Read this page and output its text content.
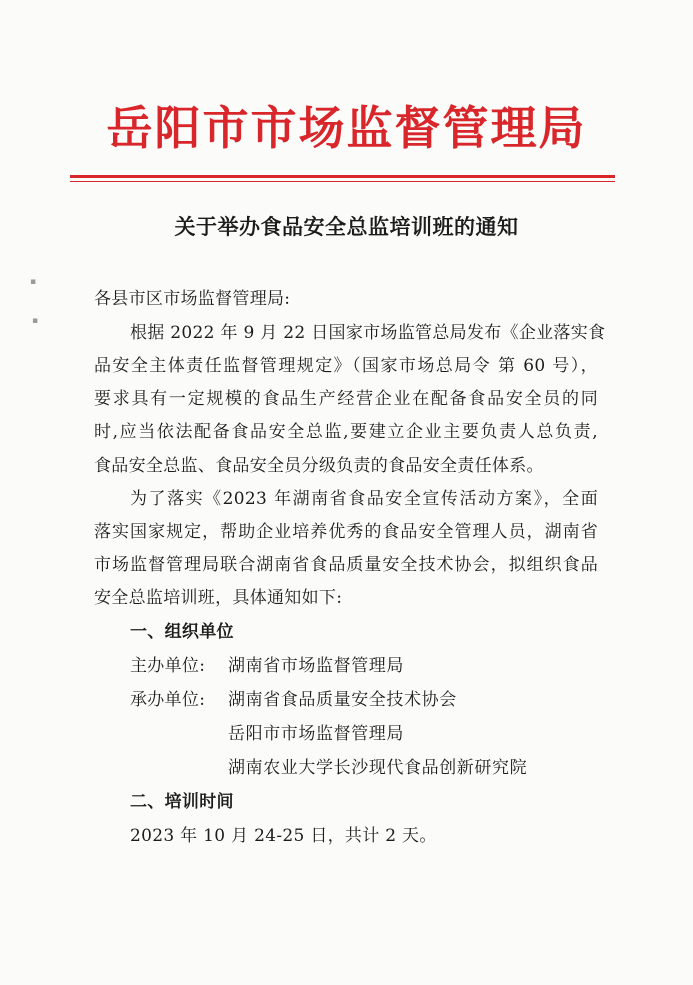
岳阳市市场监督管理局
关于举办食品安全总监培训班的通知
▪
▪
各县市区市场监督管理局:
根据 2022 年 9 月 22 日国家市场监管总局发布《企业落实食
品安全主体责任监督管理规定》（国家市场总局令 第 60 号），
要求具有一定规模的食品生产经营企业在配备食品安全员的同
时,应当依法配备食品安全总监,要建立企业主要负责人总负责,
食品安全总监、食品安全员分级负责的食品安全责任体系。
为了落实《2023 年湖南省食品安全宣传活动方案》，全面
落实国家规定，帮助企业培养优秀的食品安全管理人员，湖南省
市场监督管理局联合湖南省食品质量安全技术协会，拟组织食品
安全总监培训班，具体通知如下:
一、组织单位
主办单位: 湖南省市场监督管理局
承办单位: 湖南省食品质量安全技术协会
岳阳市市场监督管理局
湖南农业大学长沙现代食品创新研究院
二、培训时间
2023 年 10 月 24-25 日，共计 2 天。
